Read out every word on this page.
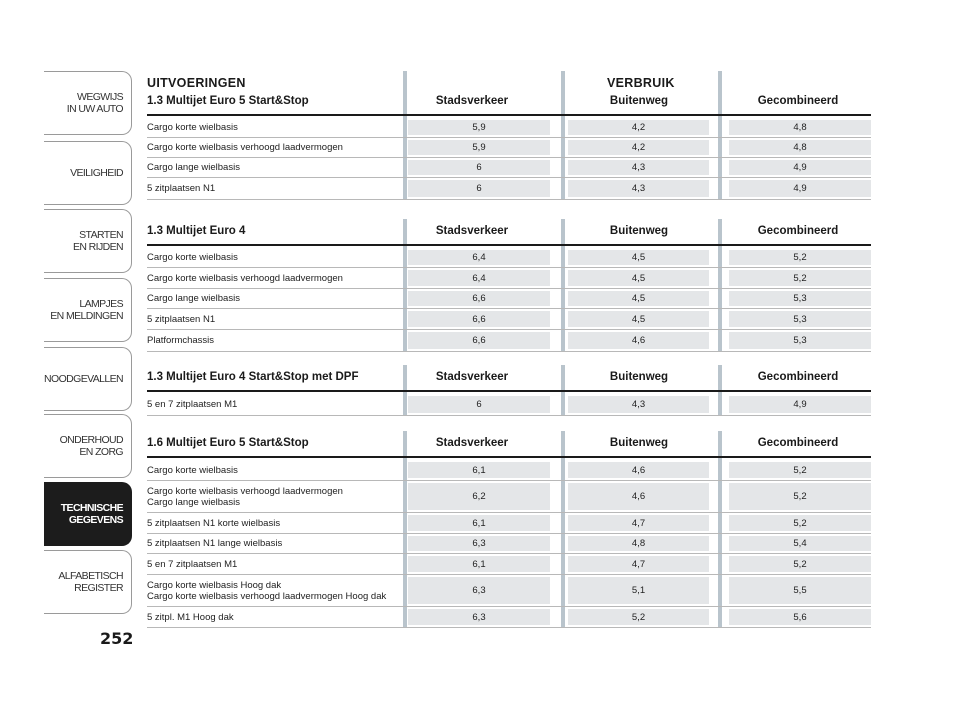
WEGWIJS
IN UW AUTO
VEILIGHEID
STARTEN
EN RIJDEN
LAMPJES
EN MELDINGEN
NOODGEVALLEN
ONDERHOUD
EN ZORG
TECHNISCHE
GEGEVENS
ALFABETISCH
REGISTER
252
UITVOERINGEN	VERBRUIK
1.3 Multijet Euro 5 Start&Stop	Stadsverkeer	Buitenweg	Gecombineerd
Cargo korte wielbasis	5,9	4,2	4,8
Cargo korte wielbasis verhoogd laadvermogen	5,9	4,2	4,8
Cargo lange wielbasis	6	4,3	4,9
5 zitplaatsen N1	6	4,3	4,9
1.3 Multijet Euro 4	Stadsverkeer	Buitenweg	Gecombineerd
Cargo korte wielbasis	6,4	4,5	5,2
Cargo korte wielbasis verhoogd laadvermogen	6,4	4,5	5,2
Cargo lange wielbasis	6,6	4,5	5,3
5 zitplaatsen N1	6,6	4,5	5,3
Platformchassis	6,6	4,6	5,3
1.3 Multijet Euro 4 Start&Stop met DPF	Stadsverkeer	Buitenweg	Gecombineerd
5 en 7 zitplaatsen M1	6	4,3	4,9
1.6 Multijet Euro 5 Start&Stop	Stadsverkeer	Buitenweg	Gecombineerd
Cargo korte wielbasis	6,1	4,6	5,2
Cargo korte wielbasis verhoogd laadvermogen
Cargo lange wielbasis
6,2	4,6	5,2
5 zitplaatsen N1 korte wielbasis	6,1	4,7	5,2
5 zitplaatsen N1 lange wielbasis	6,3	4,8	5,4
5 en 7 zitplaatsen M1	6,1	4,7	5,2
Cargo korte wielbasis Hoog dak
Cargo korte wielbasis verhoogd laadvermogen Hoog dak
6,3	5,1	5,5
5 zitpl. M1 Hoog dak	6,3	5,2	5,6
